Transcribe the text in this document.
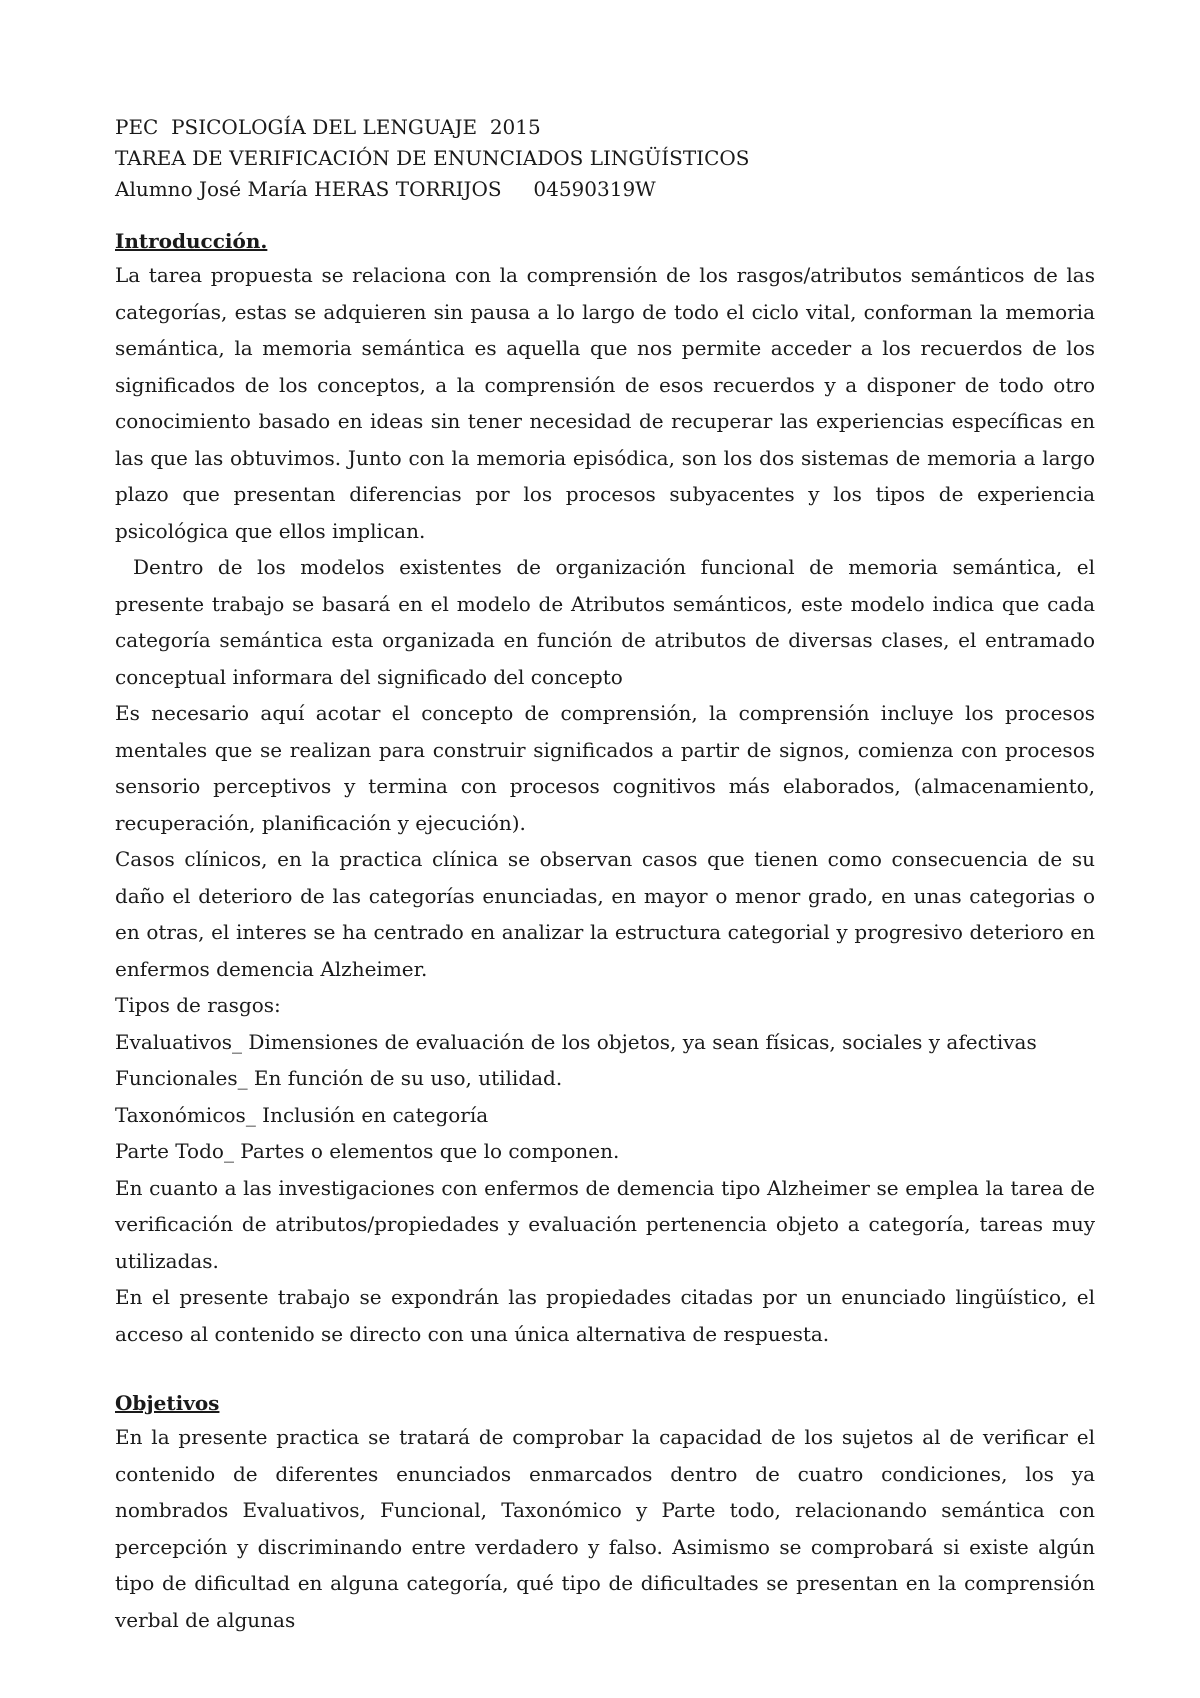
PEC  PSICOLOGÍA DEL LENGUAJE  2015
TAREA DE VERIFICACIÓN DE ENUNCIADOS LINGÜÍSTICOS
Alumno José María HERAS TORRIJOS     04590319W
Introducción.

La tarea propuesta se relaciona con la comprensión de los rasgos/atributos semánticos de las categorías, estas se adquieren sin pausa a lo largo de todo el ciclo vital, conforman la memoria semántica, la memoria semántica es aquella que nos permite acceder a los recuerdos de los significados de los conceptos, a la comprensión de esos recuerdos y a disponer de todo otro conocimiento basado en ideas sin tener necesidad de recuperar las experiencias específicas en las que las obtuvimos. Junto con la memoria episódica, son los dos sistemas de memoria a largo plazo que presentan diferencias por los procesos subyacentes y los tipos de experiencia psicológica que ellos implican.

Dentro de los modelos existentes de organización funcional de memoria semántica, el presente trabajo se basará en el modelo de Atributos semánticos, este modelo indica que cada categoría semántica esta organizada en función de atributos de diversas clases, el entramado conceptual informara del significado del concepto

Es necesario aquí acotar el concepto de comprensión, la comprensión incluye los procesos mentales que se realizan para construir significados a partir de signos, comienza con procesos sensorio perceptivos y termina con procesos cognitivos más elaborados, (almacenamiento, recuperación, planificación y ejecución).

Casos clínicos, en la practica clínica se observan casos que tienen como consecuencia de su daño el deterioro de las categorías enunciadas, en mayor o menor grado, en unas categorias o en otras, el interes se ha centrado en analizar la estructura categorial y progresivo deterioro en enfermos demencia Alzheimer.

Tipos de rasgos:

Evaluativos_ Dimensiones de evaluación de los objetos, ya sean físicas, sociales y afectivas

Funcionales_ En función de su uso, utilidad.

Taxonómicos_ Inclusión en categoría

Parte Todo_ Partes o elementos que lo componen.

En cuanto a las investigaciones con enfermos de demencia tipo Alzheimer se emplea la tarea de verificación de atributos/propiedades y evaluación pertenencia objeto a categoría, tareas muy utilizadas.

En el presente trabajo se expondrán las propiedades citadas por un enunciado lingüístico, el acceso al contenido se directo con una única alternativa de respuesta.

Objetivos

En la presente practica se tratará de comprobar la capacidad de los sujetos al de verificar el contenido de diferentes enunciados enmarcados dentro de cuatro condiciones, los ya nombrados Evaluativos, Funcional, Taxonómico y Parte todo, relacionando semántica con percepción y discriminando entre verdadero y falso. Asimismo se comprobará si existe algún tipo de dificultad en alguna categoría, qué tipo de dificultades se presentan en la comprensión verbal de algunas
